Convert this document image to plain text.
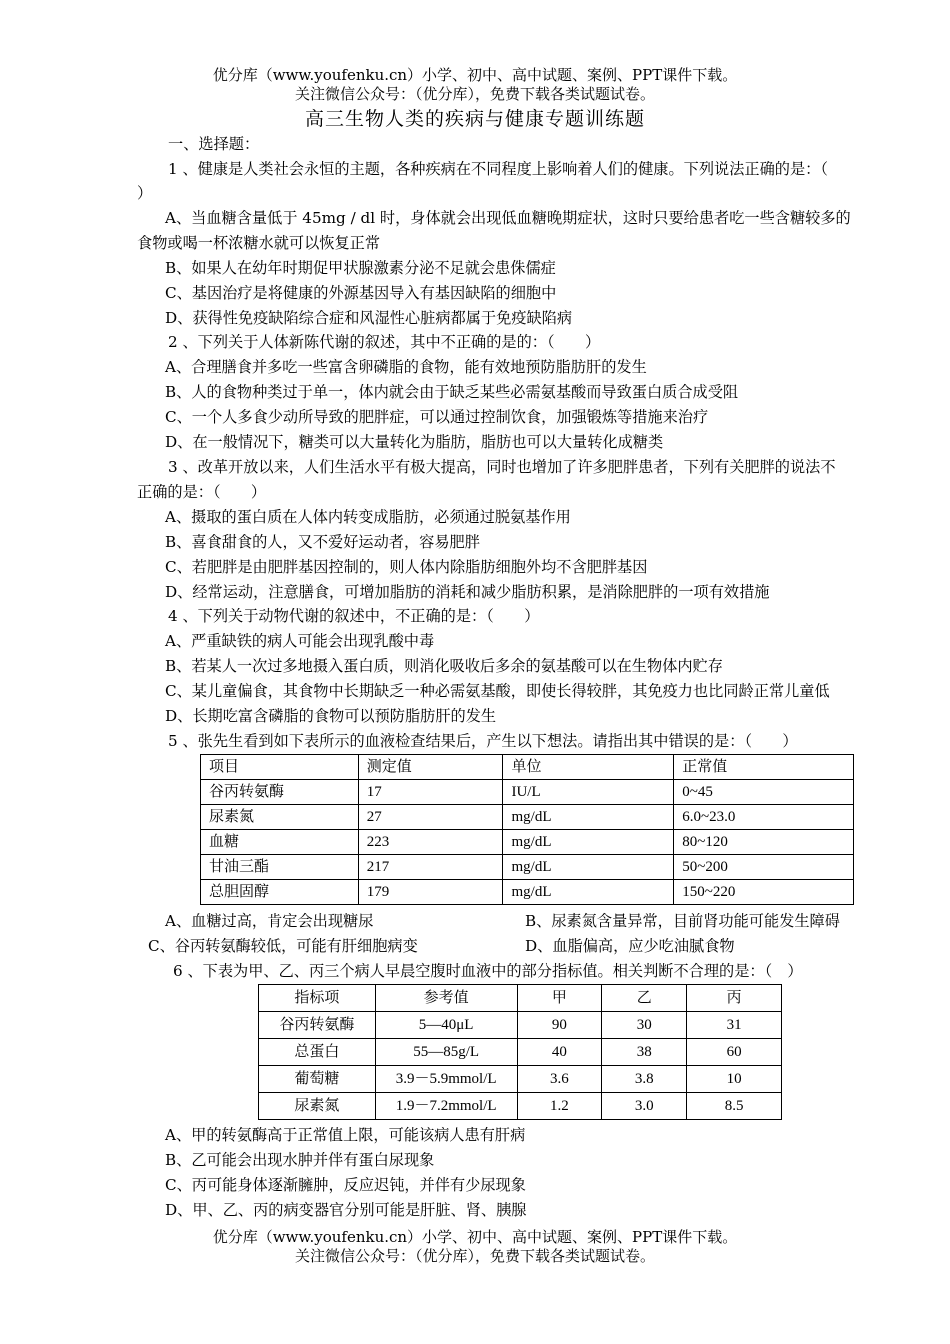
优分库（www.youfenku.cn）小学、初中、高中试题、案例、PPT课件下载。
关注微信公众号：（优分库），免费下载各类试题试卷。
高三生物人类的疾病与健康专题训练题
一、选择题：
1 、健康是人类社会永恒的主题，各种疾病在不同程度上影响着人们的健康。下列说法正确的是：（
）
A、当血糖含量低于 45mg / dl 时，身体就会出现低血糖晚期症状，这时只要给患者吃一些含糖较多的
食物或喝一杯浓糖水就可以恢复正常
B、如果人在幼年时期促甲状腺激素分泌不足就会患侏儒症
C、基因治疗是将健康的外源基因导入有基因缺陷的细胞中
D、获得性免疫缺陷综合症和风湿性心脏病都属于免疫缺陷病
2 、下列关于人体新陈代谢的叙述，其中不正确的是的：（　　）
A、合理膳食并多吃一些富含卵磷脂的食物，能有效地预防脂肪肝的发生
B、人的食物种类过于单一，体内就会由于缺乏某些必需氨基酸而导致蛋白质合成受阻
C、一个人多食少动所导致的肥胖症，可以通过控制饮食，加强锻炼等措施来治疗
D、在一般情况下，糖类可以大量转化为脂肪，脂肪也可以大量转化成糖类
3 、改革开放以来，人们生活水平有极大提高，同时也增加了许多肥胖患者，下列有关肥胖的说法不
正确的是：（　　）
A、摄取的蛋白质在人体内转变成脂肪，必须通过脱氨基作用
B、喜食甜食的人，又不爱好运动者，容易肥胖
C、若肥胖是由肥胖基因控制的，则人体内除脂肪细胞外均不含肥胖基因
D、经常运动，注意膳食，可增加脂肪的消耗和减少脂肪积累，是消除肥胖的一项有效措施
4 、下列关于动物代谢的叙述中，不正确的是：（　　）
A、严重缺铁的病人可能会出现乳酸中毒
B、若某人一次过多地摄入蛋白质，则消化吸收后多余的氨基酸可以在生物体内贮存
C、某儿童偏食，其食物中长期缺乏一种必需氨基酸，即使长得较胖，其免疫力也比同龄正常儿童低
D、长期吃富含磷脂的食物可以预防脂肪肝的发生
5 、张先生看到如下表所示的血液检查结果后，产生以下想法。请指出其中错误的是：（　　）
项目	测定值	单位	正常值
谷丙转氨酶	17	IU/L	0~45
尿素氮	27	mg/dL	6.0~23.0
血糖	223	mg/dL	80~120
甘油三酯	217	mg/dL	50~200
总胆固醇	179	mg/dL	150~220
A、血糖过高，肯定会出现糖尿	B、尿素氮含量异常，目前肾功能可能发生障碍
C、谷丙转氨酶较低，可能有肝细胞病变	D、血脂偏高，应少吃油腻食物
6 、下表为甲、乙、丙三个病人早晨空腹时血液中的部分指标值。相关判断不合理的是：（　）
指标项	参考值	甲	乙	丙
谷丙转氨酶	5—40μL	90	30	31
总蛋白	55—85g/L	40	38	60
葡萄糖	3.9－5.9mmol/L	3.6	3.8	10
尿素氮	1.9－7.2mmol/L	1.2	3.0	8.5
A、甲的转氨酶高于正常值上限，可能该病人患有肝病
B、乙可能会出现水肿并伴有蛋白尿现象
C、丙可能身体逐渐臃肿，反应迟钝，并伴有少尿现象
D、甲、乙、丙的病变器官分别可能是肝脏、肾、胰腺
优分库（www.youfenku.cn）小学、初中、高中试题、案例、PPT课件下载。
关注微信公众号：（优分库），免费下载各类试题试卷。
